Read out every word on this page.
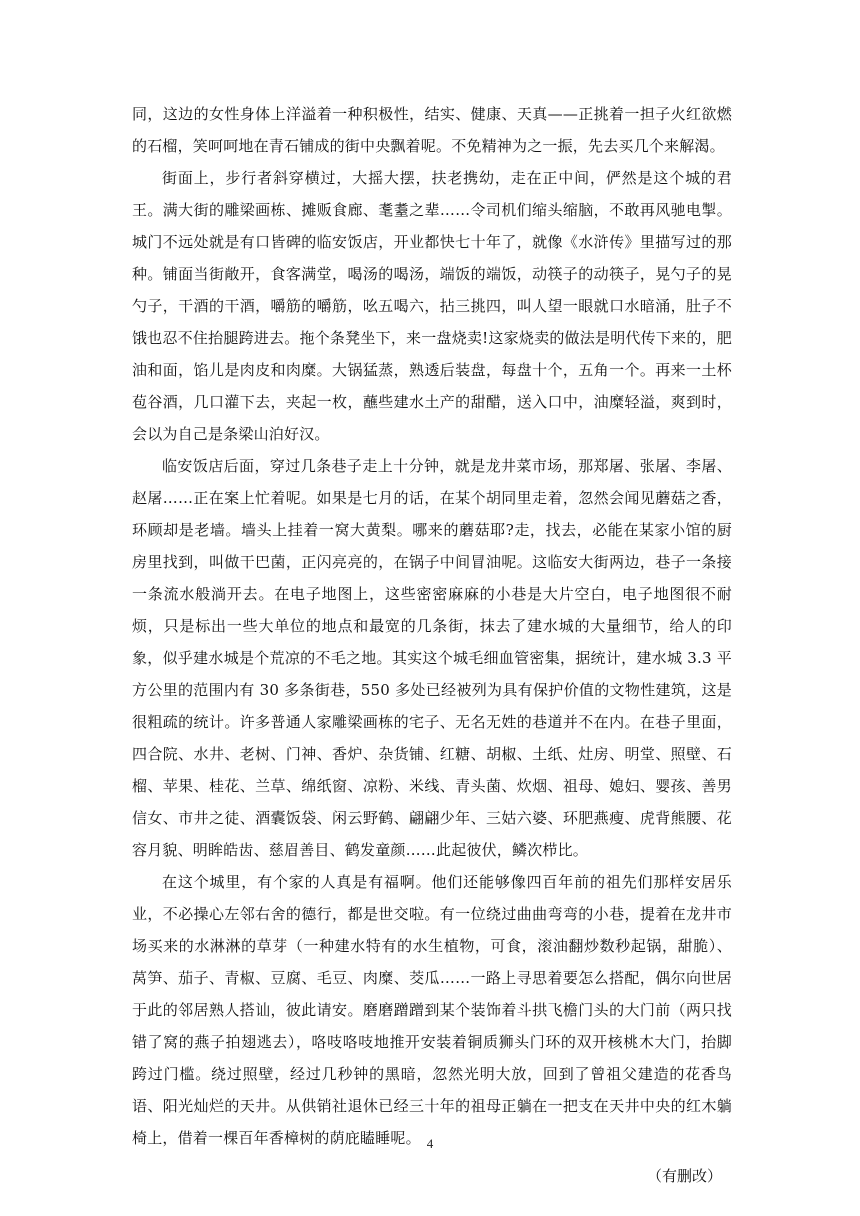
同，这边的女性身体上洋溢着一种积极性，结实、健康、天真——正挑着一担子火红欲燃的石榴，笑呵呵地在青石铺成的街中央飘着呢。不免精神为之一振，先去买几个来解渴。

街面上，步行者斜穿横过，大摇大摆，扶老携幼，走在正中间，俨然是这个城的君王。满大街的雕梁画栋、摊贩食廊、耄耋之辈……令司机们缩头缩脑，不敢再风驰电掣。城门不远处就是有口皆碑的临安饭店，开业都快七十年了，就像《水浒传》里描写过的那种。铺面当街敞开，食客满堂，喝汤的喝汤，端饭的端饭，动筷子的动筷子，晃勺子的晃勺子，干酒的干酒，嚼筋的嚼筋，吆五喝六，拈三挑四，叫人望一眼就口水暗涌，肚子不饿也忍不住抬腿跨进去。拖个条凳坐下，来一盘烧卖!这家烧卖的做法是明代传下来的，肥油和面，馅儿是肉皮和肉糜。大锅猛蒸，熟透后装盘，每盘十个，五角一个。再来一土杯苞谷酒，几口灌下去，夹起一枚，蘸些建水土产的甜醋，送入口中，油糜轻溢，爽到时，会以为自己是条梁山泊好汉。

临安饭店后面，穿过几条巷子走上十分钟，就是龙井菜市场，那郑屠、张屠、李屠、赵屠……正在案上忙着呢。如果是七月的话，在某个胡同里走着，忽然会闻见蘑菇之香，环顾却是老墙。墙头上挂着一窝大黄梨。哪来的蘑菇耶?走，找去，必能在某家小馆的厨房里找到，叫做干巴菌，正闪亮亮的，在锅子中间冒油呢。这临安大街两边，巷子一条接一条流水般淌开去。在电子地图上，这些密密麻麻的小巷是大片空白，电子地图很不耐烦，只是标出一些大单位的地点和最宽的几条街，抹去了建水城的大量细节，给人的印象，似乎建水城是个荒凉的不毛之地。其实这个城毛细血管密集，据统计，建水城 3.3 平方公里的范围内有 30 多条街巷，550 多处已经被列为具有保护价值的文物性建筑，这是很粗疏的统计。许多普通人家雕梁画栋的宅子、无名无姓的巷道并不在内。在巷子里面，四合院、水井、老树、门神、香炉、杂货铺、红糖、胡椒、土纸、灶房、明堂、照壁、石榴、苹果、桂花、兰草、绵纸窗、凉粉、米线、青头菌、炊烟、祖母、媳妇、婴孩、善男信女、市井之徒、酒囊饭袋、闲云野鹤、翩翩少年、三姑六婆、环肥燕瘦、虎背熊腰、花容月貌、明眸皓齿、慈眉善目、鹤发童颜……此起彼伏，鳞次栉比。

在这个城里，有个家的人真是有福啊。他们还能够像四百年前的祖先们那样安居乐业，不必操心左邻右舍的德行，都是世交啦。有一位绕过曲曲弯弯的小巷，提着在龙井市场买来的水淋淋的草芽（一种建水特有的水生植物，可食，滚油翻炒数秒起锅，甜脆）、莴笋、茄子、青椒、豆腐、毛豆、肉糜、茭瓜……一路上寻思着要怎么搭配，偶尔向世居于此的邻居熟人搭讪，彼此请安。磨磨蹭蹭到某个装饰着斗拱飞檐门头的大门前（两只找错了窝的燕子拍翅逃去），咯吱咯吱地推开安装着铜质狮头门环的双开核桃木大门，抬脚跨过门槛。绕过照壁，经过几秒钟的黑暗，忽然光明大放，回到了曾祖父建造的花香鸟语、阳光灿烂的天井。从供销社退休已经三十年的祖母正躺在一把支在天井中央的红木躺椅上，借着一棵百年香樟树的荫庇瞌睡呢。

（有删改）

4
